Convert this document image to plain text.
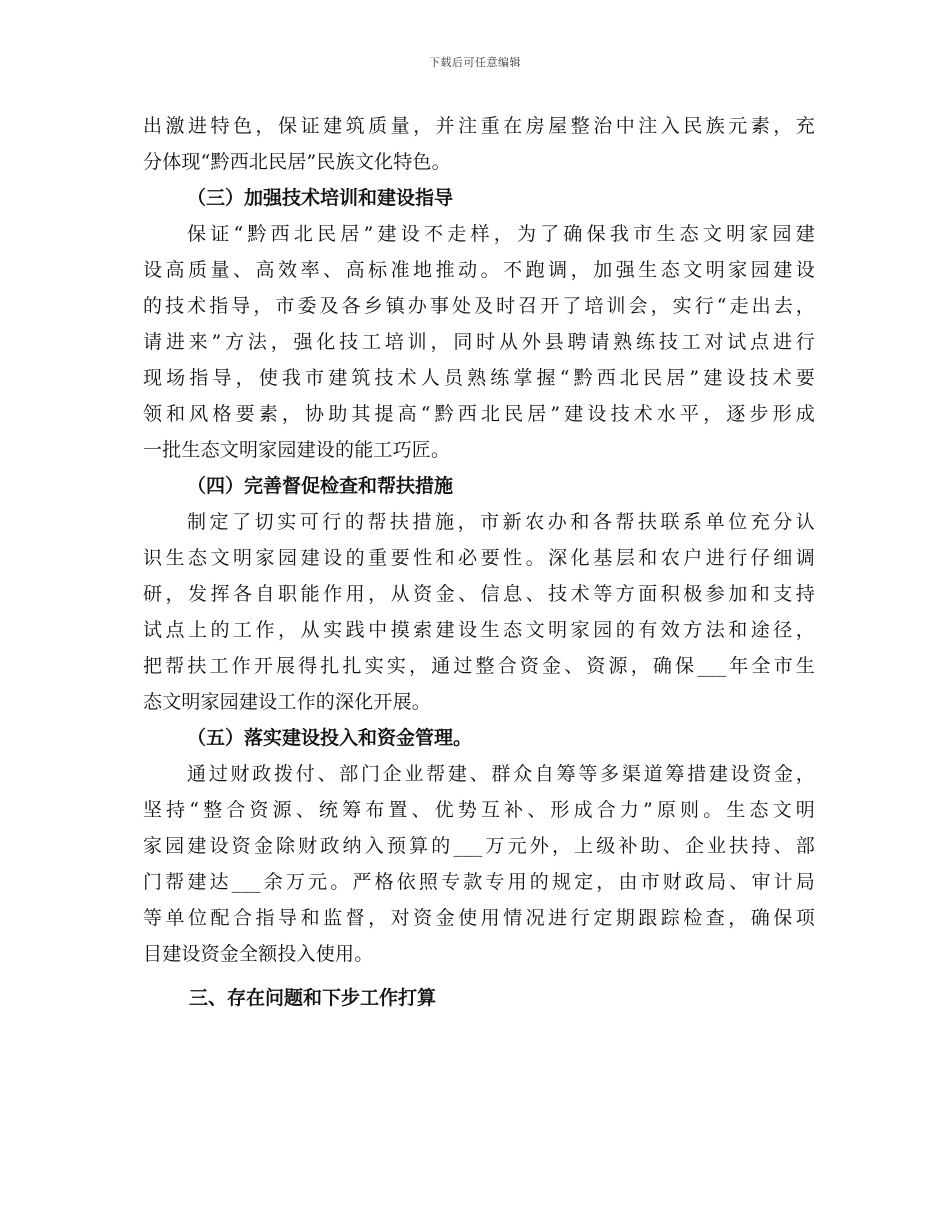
下载后可任意编辑
出激进特色，保证建筑质量，并注重在房屋整治中注入民族元素，充
分体现“黔西北民居”民族文化特色。
（三）加强技术培训和建设指导
保证“黔西北民居”建设不走样，为了确保我市生态文明家园建
设高质量、高效率、高标准地推动。不跑调，加强生态文明家园建设
的技术指导，市委及各乡镇办事处及时召开了培训会，实行“走出去，
请进来”方法，强化技工培训，同时从外县聘请熟练技工对试点进行
现场指导，使我市建筑技术人员熟练掌握“黔西北民居”建设技术要
领和风格要素，协助其提高“黔西北民居”建设技术水平，逐步形成
一批生态文明家园建设的能工巧匠。
（四）完善督促检查和帮扶措施
制定了切实可行的帮扶措施，市新农办和各帮扶联系单位充分认
识生态文明家园建设的重要性和必要性。深化基层和农户进行仔细调
研，发挥各自职能作用，从资金、信息、技术等方面积极参加和支持
试点上的工作，从实践中摸索建设生态文明家园的有效方法和途径，
把帮扶工作开展得扎扎实实，通过整合资金、资源，确保___年全市生
态文明家园建设工作的深化开展。
（五）落实建设投入和资金管理。
通过财政拨付、部门企业帮建、群众自筹等多渠道筹措建设资金，
坚持“整合资源、统筹布置、优势互补、形成合力”原则。生态文明
家园建设资金除财政纳入预算的___万元外，上级补助、企业扶持、部
门帮建达___余万元。严格依照专款专用的规定，由市财政局、审计局
等单位配合指导和监督，对资金使用情况进行定期跟踪检查，确保项
目建设资金全额投入使用。
三、存在问题和下步工作打算
